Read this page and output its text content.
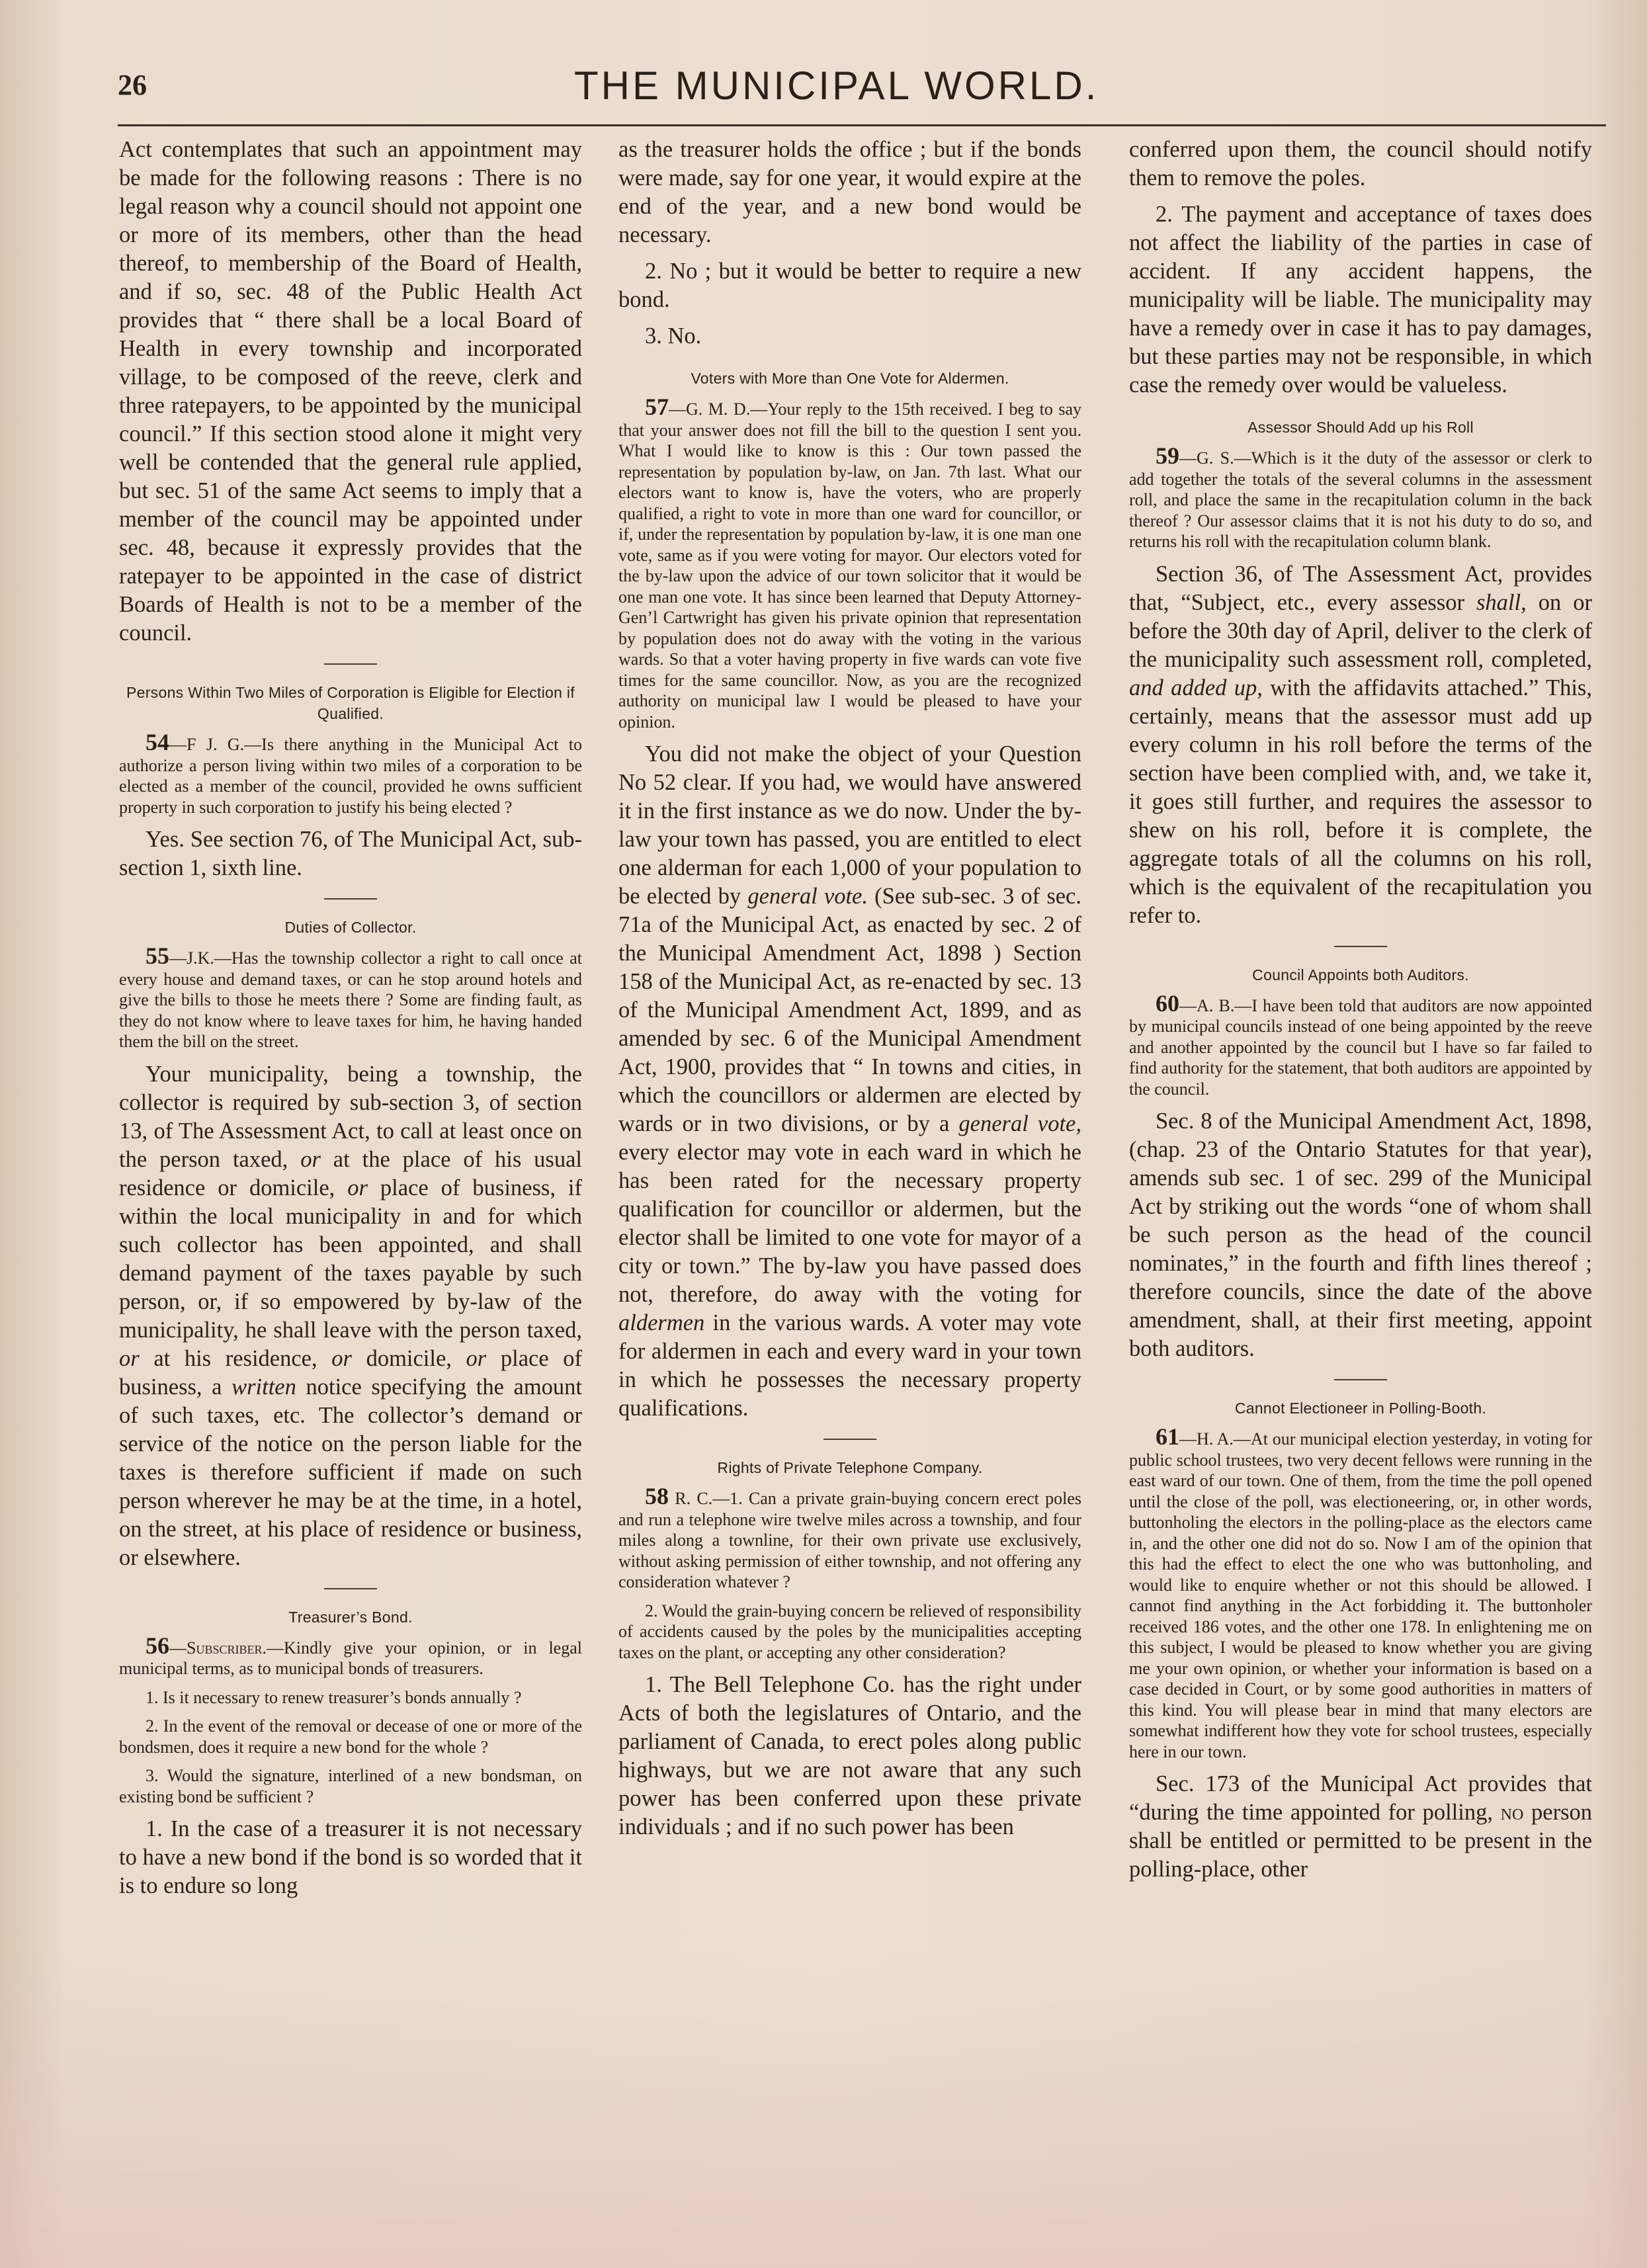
26	THE MUNICIPAL WORLD.

Act contemplates that such an appointment may be made for the following reasons : There is no legal reason why a council should not appoint one or more of its members, other than the head thereof, to membership of the Board of Health, and if so, sec. 48 of the Public Health Act provides that “ there shall be a local Board of Health in every township and incorporated village, to be composed of the reeve, clerk and three ratepayers, to be appointed by the municipal council.” If this section stood alone it might very well be contended that the general rule applied, but sec. 51 of the same Act seems to imply that a member of the council may be appointed under sec. 48, because it expressly provides that the ratepayer to be appointed in the case of district Boards of Health is not to be a member of the council.

Persons Within Two Miles of Corporation is Eligible for Election if Qualified.

54—F J. G.—Is there anything in the Municipal Act to authorize a person living within two miles of a corporation to be elected as a member of the council, provided he owns sufficient property in such corporation to justify his being elected ?

Yes. See section 76, of The Municipal Act, sub-section 1, sixth line.

Duties of Collector.

55—J.K.—Has the township collector a right to call once at every house and demand taxes, or can he stop around hotels and give the bills to those he meets there ? Some are finding fault, as they do not know where to leave taxes for him, he having handed them the bill on the street.

Your municipality, being a township, the collector is required by sub-section 3, of section 13, of The Assessment Act, to call at least once on the person taxed, or at the place of his usual residence or domicile, or place of business, if within the local municipality in and for which such collector has been appointed, and shall demand payment of the taxes payable by such person, or, if so empowered by by-law of the municipality, he shall leave with the person taxed, or at his residence, or domicile, or place of business, a written notice specifying the amount of such taxes, etc. The collector’s demand or service of the notice on the person liable for the taxes is therefore sufficient if made on such person wherever he may be at the time, in a hotel, on the street, at his place of residence or business, or elsewhere.

Treasurer’s Bond.

56—Subscriber.—Kindly give your opinion, or in legal municipal terms, as to municipal bonds of treasurers.

1. Is it necessary to renew treasurer’s bonds annually ?

2. In the event of the removal or decease of one or more of the bondsmen, does it require a new bond for the whole ?

3. Would the signature, interlined of a new bondsman, on existing bond be sufficient ?

1. In the case of a treasurer it is not necessary to have a new bond if the bond is so worded that it is to endure so long

as the treasurer holds the office ; but if the bonds were made, say for one year, it would expire at the end of the year, and a new bond would be necessary.

2. No ; but it would be better to require a new bond.

3. No.

Voters with More than One Vote for Aldermen.

57—G. M. D.—Your reply to the 15th received. I beg to say that your answer does not fill the bill to the question I sent you. What I would like to know is this : Our town passed the representation by population by-law, on Jan. 7th last. What our electors want to know is, have the voters, who are properly qualified, a right to vote in more than one ward for councillor, or if, under the representation by population by-law, it is one man one vote, same as if you were voting for mayor. Our electors voted for the by-law upon the advice of our town solicitor that it would be one man one vote. It has since been learned that Deputy Attorney-Gen’l Cartwright has given his private opinion that representation by population does not do away with the voting in the various wards. So that a voter having property in five wards can vote five times for the same councillor. Now, as you are the recognized authority on municipal law I would be pleased to have your opinion.

You did not make the object of your Question No 52 clear. If you had, we would have answered it in the first instance as we do now. Under the by-law your town has passed, you are entitled to elect one alderman for each 1,000 of your population to be elected by general vote. (See sub-sec. 3 of sec. 71a of the Municipal Act, as enacted by sec. 2 of the Municipal Amendment Act, 1898 ) Section 158 of the Municipal Act, as re-enacted by sec. 13 of the Municipal Amendment Act, 1899, and as amended by sec. 6 of the Municipal Amendment Act, 1900, provides that “ In towns and cities, in which the councillors or aldermen are elected by wards or in two divisions, or by a general vote, every elector may vote in each ward in which he has been rated for the necessary property qualification for councillor or aldermen, but the elector shall be limited to one vote for mayor of a city or town.” The by-law you have passed does not, therefore, do away with the voting for aldermen in the various wards. A voter may vote for aldermen in each and every ward in your town in which he possesses the necessary property qualifications.

Rights of Private Telephone Company.

58 R. C.—1. Can a private grain-buying concern erect poles and run a telephone wire twelve miles across a township, and four miles along a townline, for their own private use exclusively, without asking permission of either township, and not offering any consideration whatever ?

2. Would the grain-buying concern be relieved of responsibility of accidents caused by the poles by the municipalities accepting taxes on the plant, or accepting any other consideration?

1. The Bell Telephone Co. has the right under Acts of both the legislatures of Ontario, and the parliament of Canada, to erect poles along public highways, but we are not aware that any such power has been conferred upon these private individuals ; and if no such power has been

conferred upon them, the council should notify them to remove the poles.

2. The payment and acceptance of taxes does not affect the liability of the parties in case of accident. If any accident happens, the municipality will be liable. The municipality may have a remedy over in case it has to pay damages, but these parties may not be responsible, in which case the remedy over would be valueless.

Assessor Should Add up his Roll

59—G. S.—Which is it the duty of the assessor or clerk to add together the totals of the several columns in the assessment roll, and place the same in the recapitulation column in the back thereof ? Our assessor claims that it is not his duty to do so, and returns his roll with the recapitulation column blank.

Section 36, of The Assessment Act, provides that, “Subject, etc., every assessor shall, on or before the 30th day of April, deliver to the clerk of the municipality such assessment roll, completed, and added up, with the affidavits attached.” This, certainly, means that the assessor must add up every column in his roll before the terms of the section have been complied with, and, we take it, it goes still further, and requires the assessor to shew on his roll, before it is complete, the aggregate totals of all the columns on his roll, which is the equivalent of the recapitulation you refer to.

Council Appoints both Auditors.

60—A. B.—I have been told that auditors are now appointed by municipal councils instead of one being appointed by the reeve and another appointed by the council but I have so far failed to find authority for the statement, that both auditors are appointed by the council.

Sec. 8 of the Municipal Amendment Act, 1898, (chap. 23 of the Ontario Statutes for that year), amends sub sec. 1 of sec. 299 of the Municipal Act by striking out the words “one of whom shall be such person as the head of the council nominates,” in the fourth and fifth lines thereof ; therefore councils, since the date of the above amendment, shall, at their first meeting, appoint both auditors.

Cannot Electioneer in Polling-Booth.

61—H. A.—At our municipal election yesterday, in voting for public school trustees, two very decent fellows were running in the east ward of our town. One of them, from the time the poll opened until the close of the poll, was electioneering, or, in other words, buttonholing the electors in the polling-place as the electors came in, and the other one did not do so. Now I am of the opinion that this had the effect to elect the one who was buttonholing, and would like to enquire whether or not this should be allowed. I cannot find anything in the Act forbidding it. The buttonholer received 186 votes, and the other one 178. In enlightening me on this subject, I would be pleased to know whether you are giving me your own opinion, or whether your information is based on a case decided in Court, or by some good authorities in matters of this kind. You will please bear in mind that many electors are somewhat indifferent how they vote for school trustees, especially here in our town.

Sec. 173 of the Municipal Act provides that “during the time appointed for polling, no person shall be entitled or permitted to be present in the polling-place, other
